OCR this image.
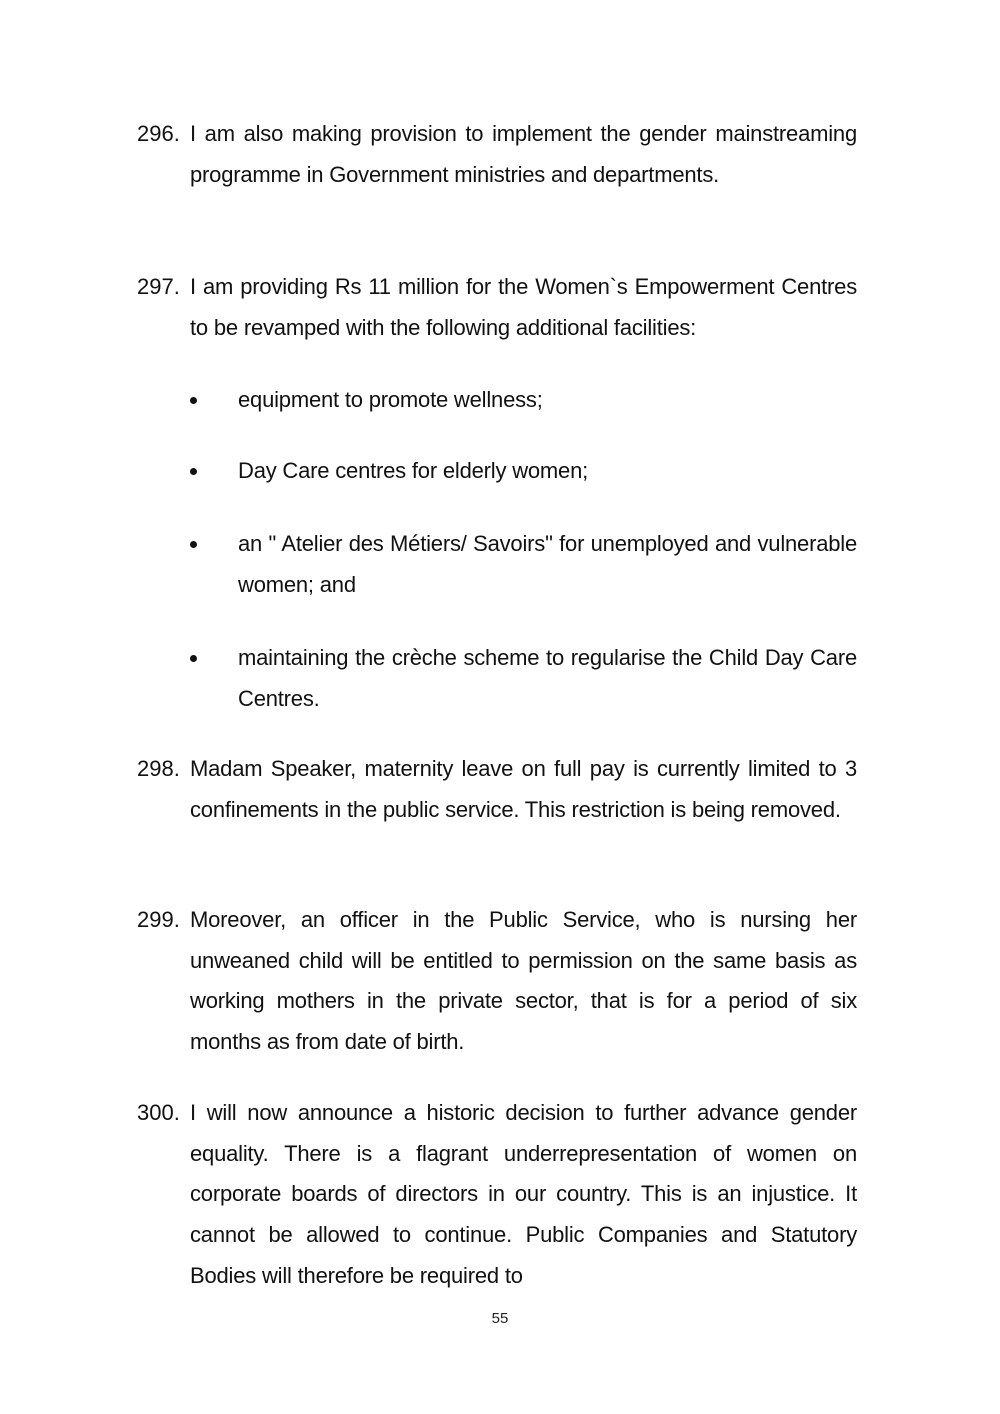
296. I am also making provision to implement the gender mainstreaming programme in Government ministries and departments.
297. I am providing Rs 11 million for the Women`s Empowerment Centres to be revamped with the following additional facilities:
equipment to promote wellness;
Day Care centres for elderly women;
an " Atelier des Métiers/ Savoirs" for unemployed and vulnerable women; and
maintaining the crèche scheme to regularise the Child Day Care Centres.
298. Madam Speaker, maternity leave on full pay is currently limited to 3 confinements in the public service. This restriction is being removed.
299. Moreover, an officer in the Public Service, who is nursing her unweaned child will be entitled to permission on the same basis as working mothers in the private sector, that is for a period of six months as from date of birth.
300. I will now announce a historic decision to further advance gender equality. There is a flagrant underrepresentation of women on corporate boards of directors in our country. This is an injustice. It cannot be allowed to continue. Public Companies and Statutory Bodies will therefore be required to
55
